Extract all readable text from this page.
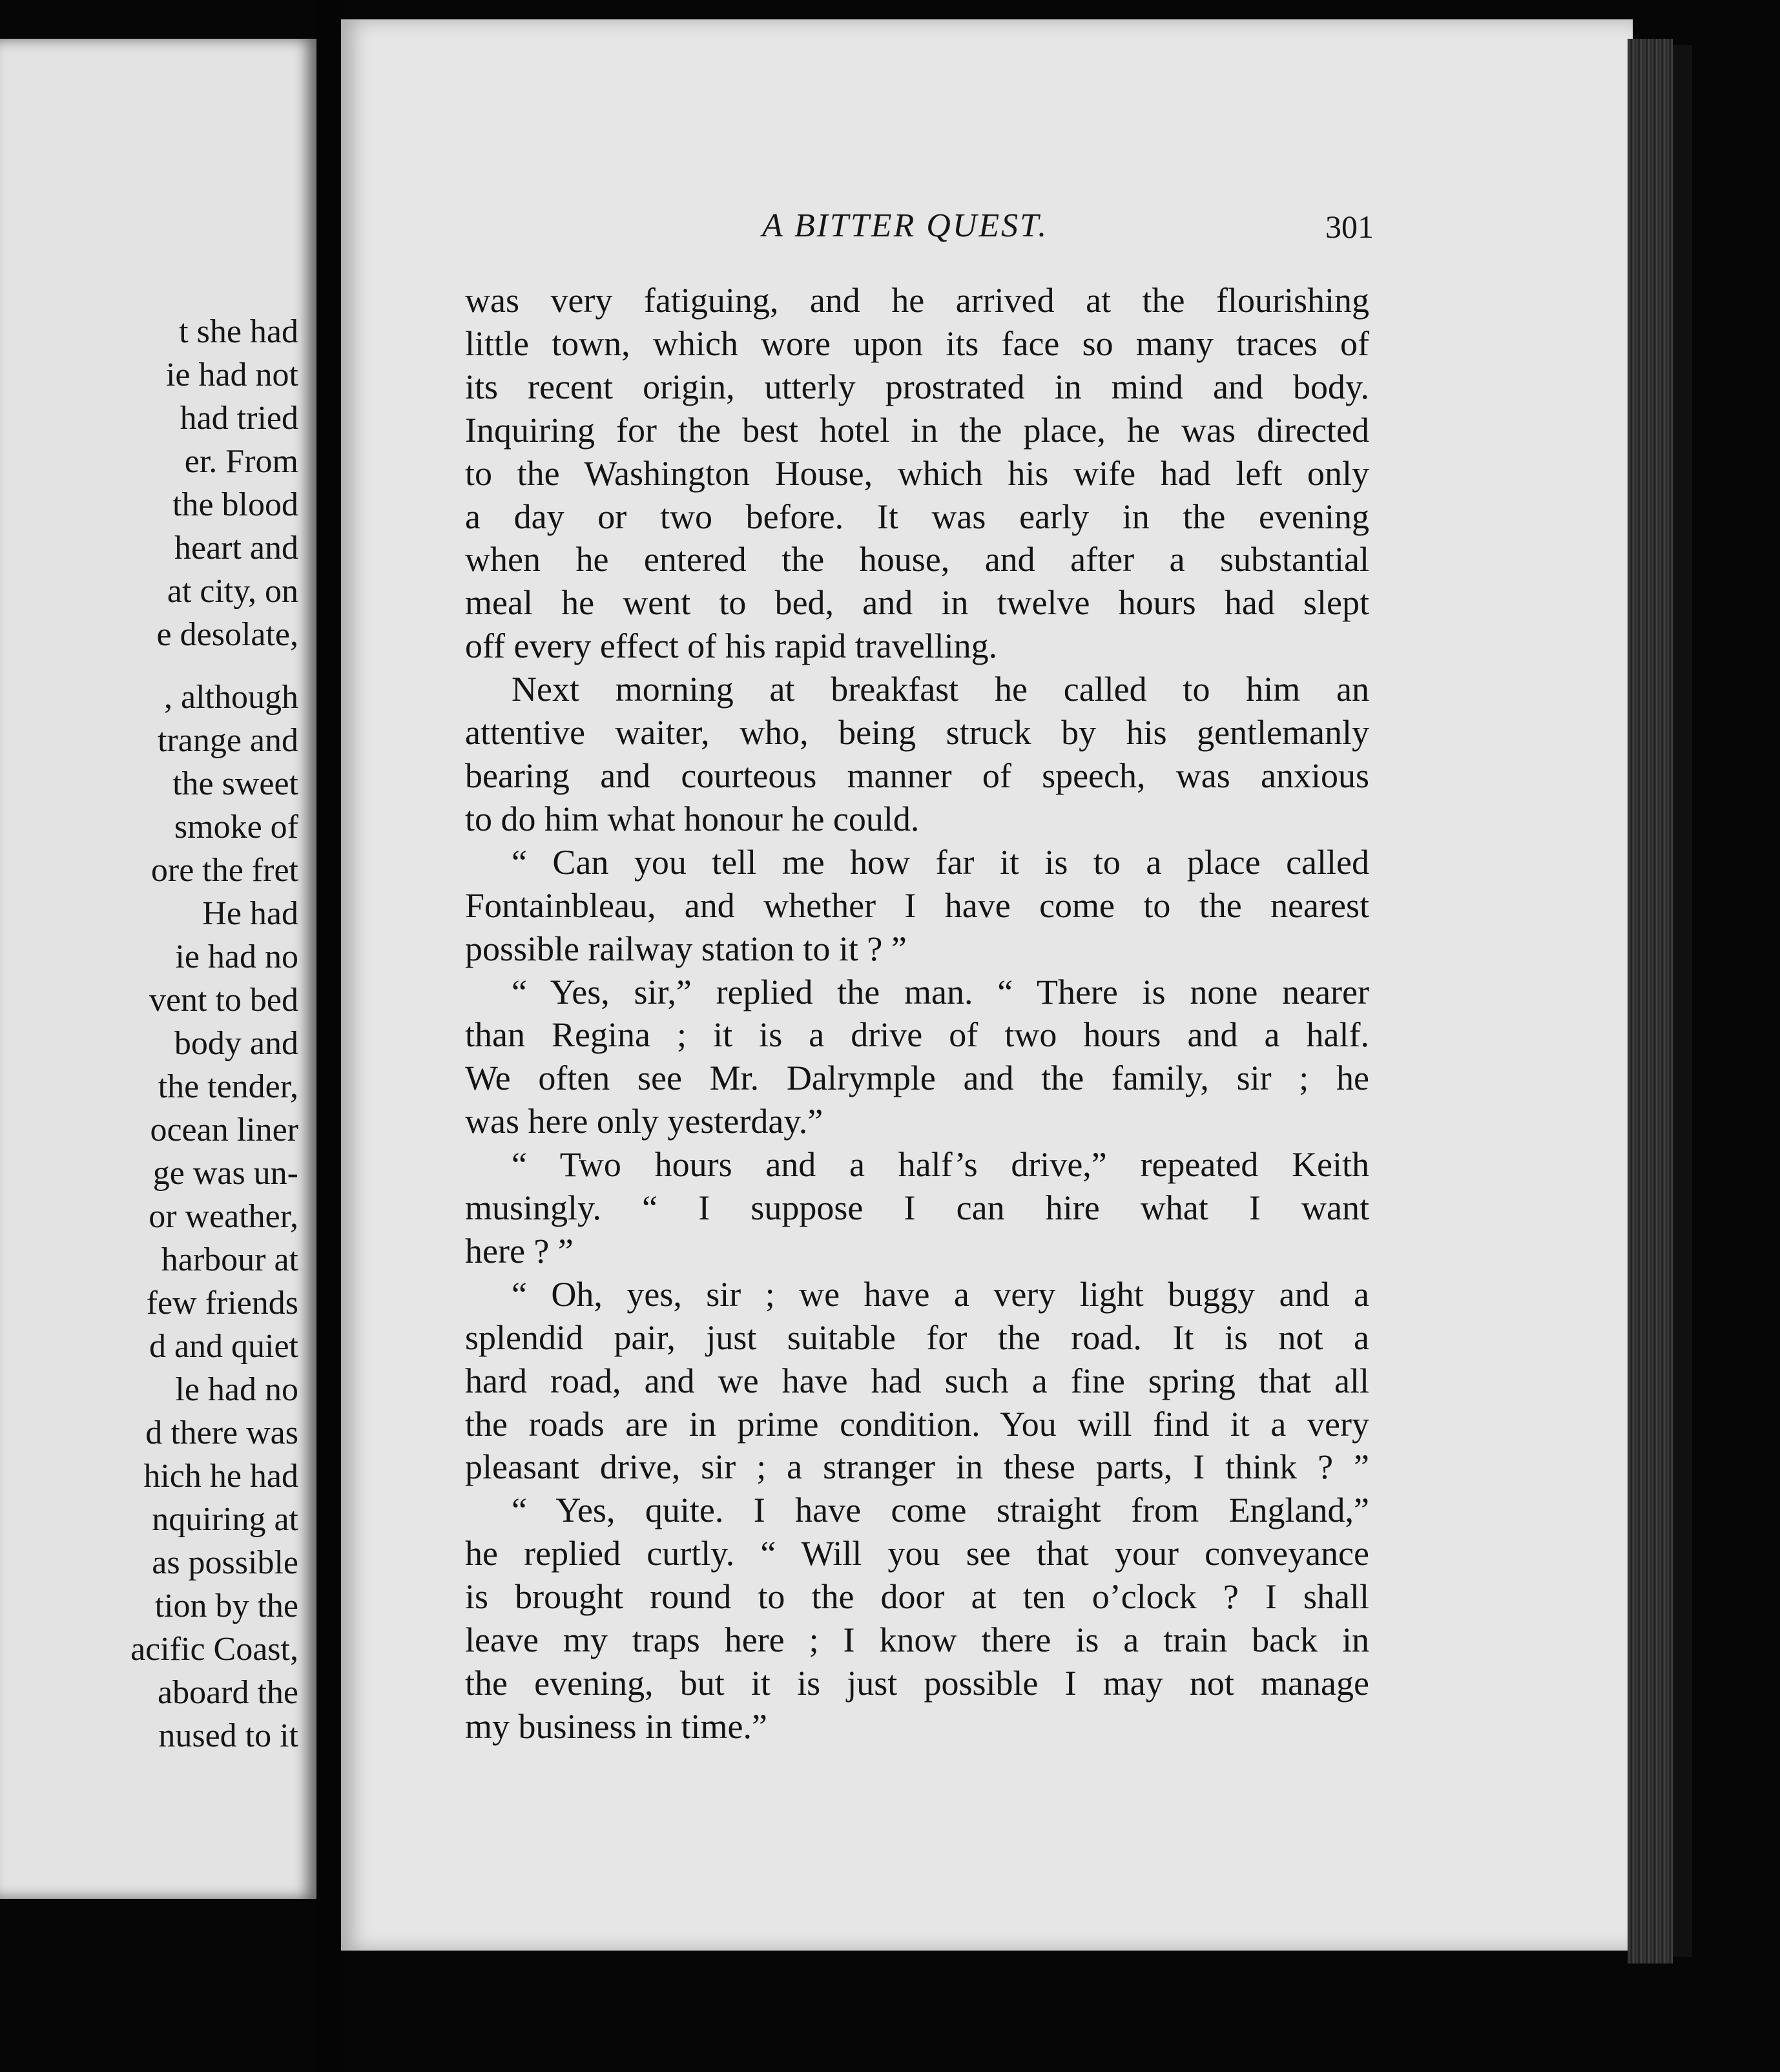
t she had
ie had not
had tried
er. From
the blood
heart and
at city, on
e desolate,
, although
trange and
the sweet
smoke of
ore the fret
He had
ie had no
vent to bed
body and
the tender,
ocean liner
ge was un-
or weather,
harbour at
few friends
d and quiet
le had no
d there was
hich he had
nquiring at
as possible
tion by the
acific Coast,
aboard the
nused to it
A BITTER QUEST.	301
was very fatiguing, and he arrived at the flourishing
little town, which wore upon its face so many traces of
its recent origin, utterly prostrated in mind and body.
Inquiring for the best hotel in the place, he was directed
to the Washington House, which his wife had left only
a day or two before. It was early in the evening
when he entered the house, and after a substantial
meal he went to bed, and in twelve hours had slept
off every effect of his rapid travelling.
Next morning at breakfast he called to him an
attentive waiter, who, being struck by his gentlemanly
bearing and courteous manner of speech, was anxious
to do him what honour he could.
“ Can you tell me how far it is to a place called
Fontainbleau, and whether I have come to the nearest
possible railway station to it ? ”
“ Yes, sir,” replied the man. “ There is none nearer
than Regina ; it is a drive of two hours and a half.
We often see Mr. Dalrymple and the family, sir ; he
was here only yesterday.”
“ Two hours and a half’s drive,” repeated Keith
musingly. “ I suppose I can hire what I want
here ? ”
“ Oh, yes, sir ; we have a very light buggy and a
splendid pair, just suitable for the road. It is not a
hard road, and we have had such a fine spring that all
the roads are in prime condition. You will find it a very
pleasant drive, sir ; a stranger in these parts, I think ? ”
“ Yes, quite. I have come straight from England,”
he replied curtly. “ Will you see that your conveyance
is brought round to the door at ten o’clock ? I shall
leave my traps here ; I know there is a train back in
the evening, but it is just possible I may not manage
my business in time.”
